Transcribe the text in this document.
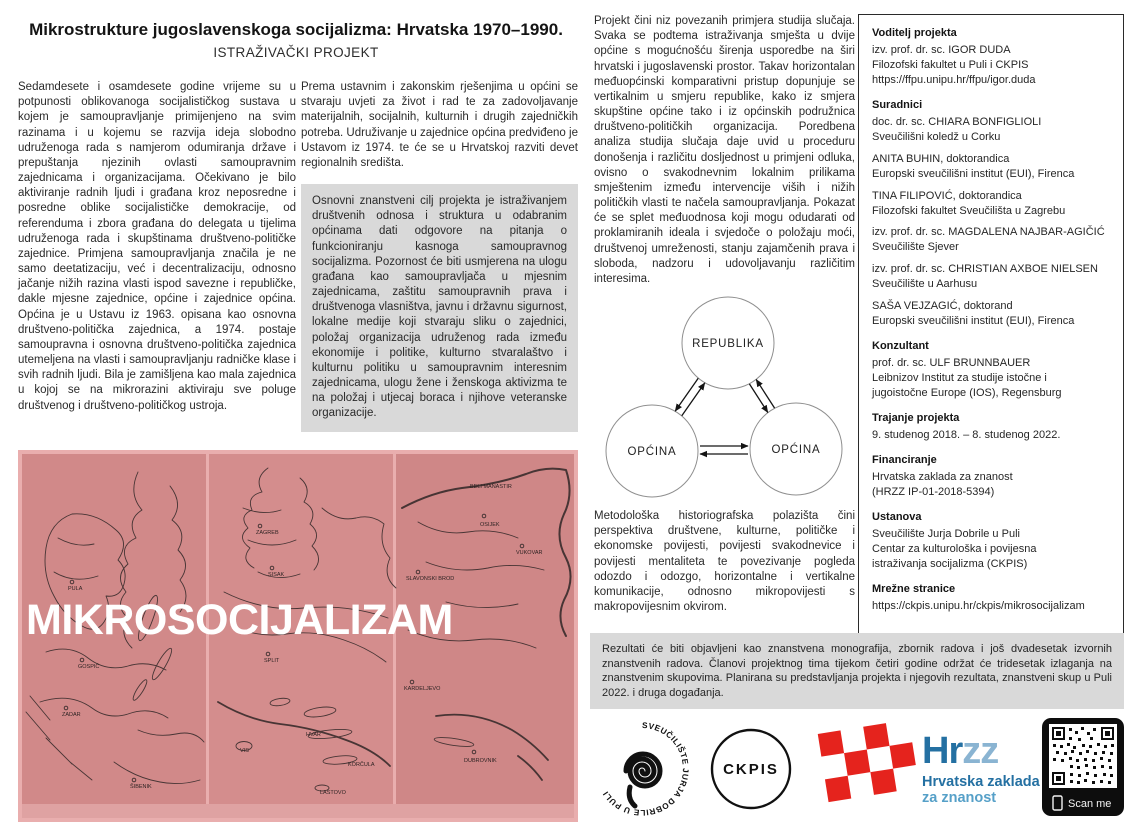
Mikrostrukture jugoslavenskoga socijalizma: Hrvatska 1970–1990.
ISTRAŽIVAČKI PROJEKT

Sedamdesete i osamdesete godine vrijeme su u potpunosti oblikovanoga socijalističkog sustava u kojem je samoupravljanje primijenjeno na svim razinama i u kojemu se razvija ideja slobodno udruženoga rada s namjerom odumiranja države i prepuštanja njezinih ovlasti samoupravnim zajednicama i organizacijama. Očekivano je bilo aktiviranje radnih ljudi i građana kroz neposredne i posredne oblike socijalističke demokracije, od referenduma i zbora građana do delegata u tijelima udruženoga rada i skupštinama društveno-političke zajednice. Primjena samoupravljanja značila je ne samo deetatizaciju, već i decentralizaciju, odnosno jačanje nižih razina vlasti ispod savezne i republičke, dakle mjesne zajednice, općine i zajednice općina. Općina je u Ustavu iz 1963. opisana kao osnovna društveno-politička zajednica, a 1974. postaje samoupravna i osnovna društveno-politička zajednica utemeljena na vlasti i samoupravljanju radničke klase i svih radnih ljudi. Bila je zamišljena kao mala zajednica u kojoj se na mikrorazini aktiviraju sve poluge društvenog i društveno-političkog ustroja.

Prema ustavnim i zakonskim rješenjima u općini se stvaraju uvjeti za život i rad te za zadovoljavanje materijalnih, socijalnih, kulturnih i drugih zajedničkih potreba. Udruživanje u zajednice općina predviđeno je Ustavom iz 1974. te će se u Hrvatskoj razviti devet regionalnih središta.

Osnovni znanstveni cilj projekta je istraživanjem društvenih odnosa i struktura u odabranim općinama dati odgovore na pitanja o funkcioniranju kasnoga samoupravnog socijalizma. Pozornost će biti usmjerena na ulogu građana kao samoupravljača u mjesnim zajednicama, zaštitu samoupravnih prava i društvenoga vlasništva, javnu i državnu sigurnost, lokalne medije koji stvaraju sliku o zajednici, položaj organizacija udruženog rada između ekonomije i politike, kulturno stvaralaštvo i kulturnu politiku u samoupravnim interesnim zajednicama, ulogu žene i ženskoga aktivizma te na položaj i utjecaj boraca i njihove veteranske organizacije.

Projekt čini niz povezanih primjera studija slučaja. Svaka se podtema istraživanja smješta u dvije općine s mogućnošću širenja usporedbe na širi hrvatski i jugoslavenski prostor. Takav horizontalan međuopćinski komparativni pristup dopunjuje se vertikalnim u smjeru republike, kako iz smjera skupštine općine tako i iz općinskih podružnica društveno-političkih organizacija. Poredbena analiza studija slučaja daje uvid u proceduru donošenja i različitu dosljednost u primjeni odluka, ovisno o svakodnevnim lokalnim prilikama smještenim između intervencije viših i nižih političkih vlasti te načela samoupravljanja. Pokazat će se splet međuodnosa koji mogu odudarati od proklamiranih ideala i svjedoče o položaju moći, društvenoj umreženosti, stanju zajamčenih prava i sloboda, nadzoru i udovoljavanju različitim interesima.

REPUBLIKA
OPĆINA	OPĆINA

Metodološka historiografska polazišta čini perspektiva društvene, kulturne, političke i ekonomske povijesti, povijesti svakodnevice i povijesti mentaliteta te povezivanje pogleda odozdo i odozgo, horizontalne i vertikalne komunikacije, odnosno mikropovijesti s makropovijesnim okvirom.

PULA
GOSPIĆ
ZADAR
ŠIBENIK
ZAGREB
SISAK
SPLIT
HVAR
VIS
KORČULA
LASTOVO
BELI MANASTIR
OSIJEK
VUKOVAR
SLAVONSKI BROD
KARDELJEVO
DUBROVNIK
MIKROSOCIJALIZAM
Voditelj projekta
izv. prof. dr. sc. IGOR DUDA
Filozofski fakultet u Puli i CKPIS
https://ffpu.unipu.hr/ffpu/igor.duda
Suradnici
doc. dr. sc. CHIARA BONFIGLIOLI
Sveučilišni koledž u Corku
ANITA BUHIN, doktorandica
Europski sveučilišni institut (EUI), Firenca
TINA FILIPOVIĆ, doktorandica
Filozofski fakultet Sveučilišta u Zagrebu
izv. prof. dr. sc. MAGDALENA NAJBAR-AGIČIĆ
Sveučilište Sjever
izv. prof. dr. sc. CHRISTIAN AXBOE NIELSEN
Sveučilište u Aarhusu
SAŠA VEJZAGIĆ, doktorand
Europski sveučilišni institut (EUI), Firenca
Konzultant
prof. dr. sc. ULF BRUNNBAUER
Leibnizov Institut za studije istočne i
jugoistočne Europe (IOS), Regensburg
Trajanje projekta
9. studenog 2018. – 8. studenog 2022.
Financiranje
Hrvatska zaklada za znanost
(HRZZ IP-01-2018-5394)
Ustanova
Sveučilište Jurja Dobrile u Puli
Centar za kulturološka i povijesna
istraživanja socijalizma (CKPIS)
Mrežne stranice
https://ckpis.unipu.hr/ckpis/mikrosocijalizam
Rezultati će biti objavljeni kao znanstvena monografija, zbornik radova i još dvadesetak izvornih znanstvenih radova. Članovi projektnog tima tijekom četiri godine održat će tridesetak izlaganja na znanstvenim skupovima. Planirana su predstavljanja projekta i njegovih rezultata, znanstveni skup u Puli 2022. i druga događanja.
SVEUČILIŠTE JURJA DOBRILE U PULI
CKPIS	Hrzz
Hrvatska zaklada
za znanost	Scan me
